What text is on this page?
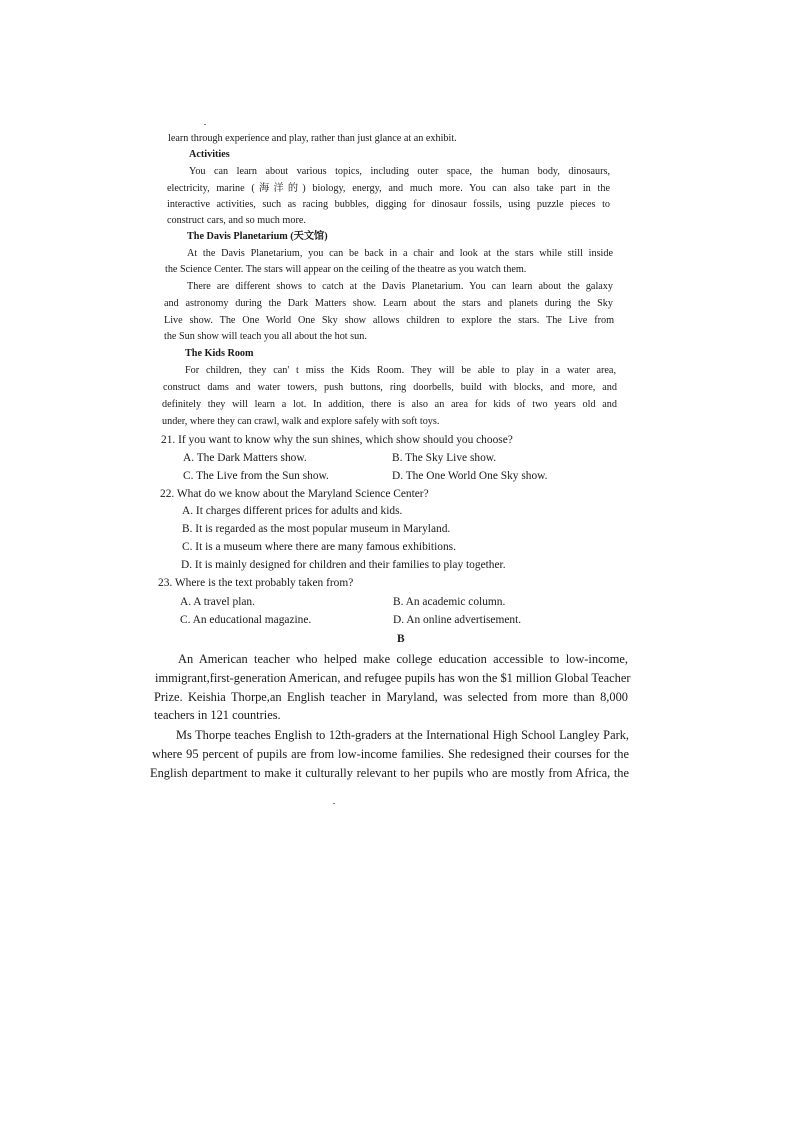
learn through experience and play, rather than just glance at an exhibit.
Activities
You can learn about various topics, including outer space, the human body, dinosaurs,
electricity, marine (海洋的) biology, energy, and much more. You can also take part in the
interactive activities, such as racing bubbles, digging for dinosaur fossils, using puzzle pieces to
construct cars, and so much more.
The Davis Planetarium (天文馆)
At the Davis Planetarium, you can be back in a chair and look at the stars while still inside
the Science Center. The stars will appear on the ceiling of the theatre as you watch them.
There are different shows to catch at the Davis Planetarium. You can learn about the galaxy
and astronomy during the Dark Matters show. Learn about the stars and planets during the Sky
Live show. The One World One Sky show allows children to explore the stars. The Live from
the Sun show will teach you all about the hot sun.
The Kids Room
For children, they can' t miss the Kids Room. They will be able to play in a water area,
construct dams and water towers, push buttons, ring doorbells, build with blocks, and more, and
definitely they will learn a lot. In addition, there is also an area for kids of two years old and
under, where they can crawl, walk and explore safely with soft toys.
21. If you want to know why the sun shines, which show should you choose?
A. The Dark Matters show.	B. The Sky Live show.
C. The Live from the Sun show.	D. The One World One Sky show.
22. What do we know about the Maryland Science Center?
A. It charges different prices for adults and kids.
B. It is regarded as the most popular museum in Maryland.
C. It is a museum where there are many famous exhibitions.
D. It is mainly designed for children and their families to play together.
23. Where is the text probably taken from?
A. A travel plan.	B. An academic column.
C. An educational magazine.	D. An online advertisement.
B
An American teacher who helped make college education accessible to low-income,
immigrant,first-generation American, and refugee pupils has won the $1 million Global Teacher
Prize. Keishia Thorpe,an English teacher in Maryland, was selected from more than 8,000
teachers in 121 countries.
Ms Thorpe teaches English to 12th-graders at the International High School Langley Park,
where 95 percent of pupils are from low-income families. She redesigned their courses for the
English department to make it culturally relevant to her pupils who are mostly from Africa, the
